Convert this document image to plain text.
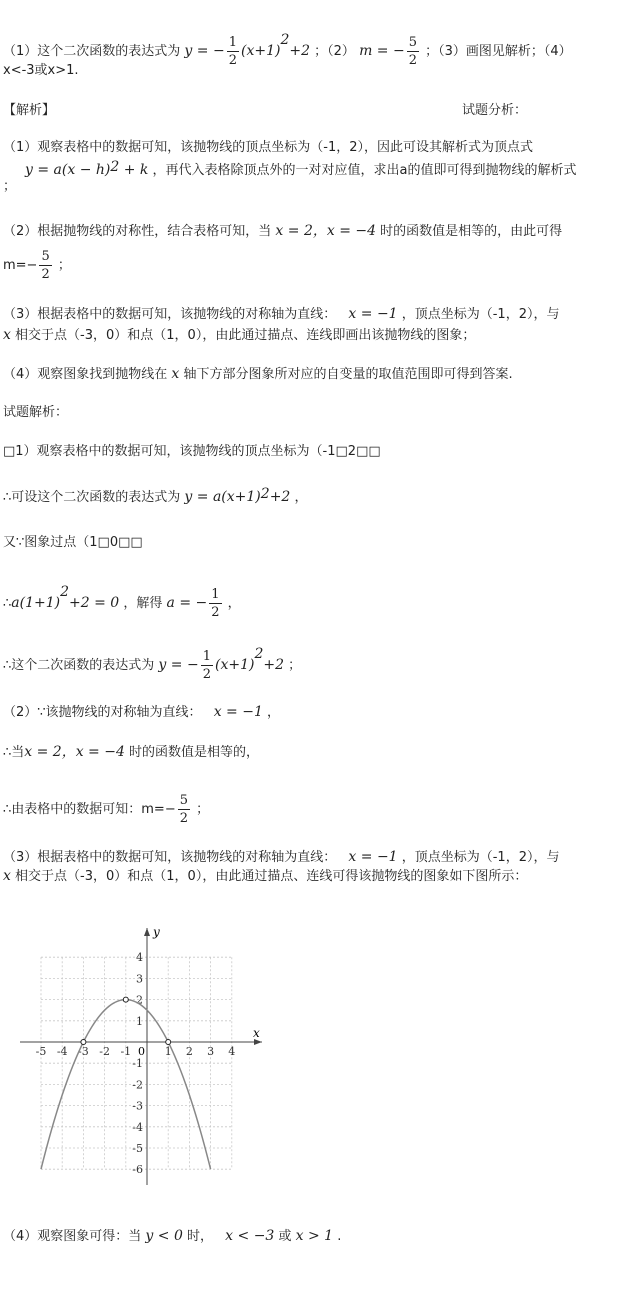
（1）这个二次函数的表达式为 y = − $\frac{1}{2} (x+1)^2+2$ ；（2） m = − $\frac{5}{2}$ ；（3）画图见解析；（4）
x<-3或x>1.
【解析】	试题分析：
（1）观察表格中的数据可知，该抛物线的顶点坐标为（-1，2），因此可设其解析式为顶点式
$y = a(x - h)^2 + k$ ，再代入表格除顶点外的一对对应值，求出a的值即可得到抛物线的解析式
；
（2）根据抛物线的对称性，结合表格可知，当 x = 2，x = −4 时的函数值是相等的，由此可得
$m=- \frac{5}{2}$ ；
（3）根据表格中的数据可知，该抛物线的对称轴为直线： x = −1 ，顶点坐标为（-1，2），与
x 相交于点（-3，0）和点（1，0），由此通过描点、连线即画出该抛物线的图象；
（4）观察图象找到抛物线在 x 轴下方部分图象所对应的自变量的取值范围即可得到答案.
试题解析：
□1）观察表格中的数据可知，该抛物线的顶点坐标为（-1□2□□
∴可设这个二次函数的表达式为 $y = a(x+1)^2+2$ ，
又∵图象过点（1□0□□
$\therefore a(1+1)^2+2 = 0$ ，解得 a = − $\frac{1}{2}$ ，
∴这个二次函数的表达式为 y = − $\frac{1}{2} (x+1)^2+2$ ；
（2）∵该抛物线的对称轴为直线： x = −1 ，
∴当x = 2，x = −4 时的函数值是相等的，
∴由表格中的数据可知：$m=- \frac{5}{2}$ ；
（3）根据表格中的数据可知，该抛物线的对称轴为直线： x = −1 ，顶点坐标为（-1，2），与
x 相交于点（-3，0）和点（1，0），由此通过描点、连线可得该抛物线的图象如下图所示：
-5 -4 -3 -2 -1	1 2 3 4
4
3
2
1
-1
-2
-3
-4
-5
-6
x
y
0
（4）观察图象可得：当 y < 0 时， x < −3 或 x > 1 .
